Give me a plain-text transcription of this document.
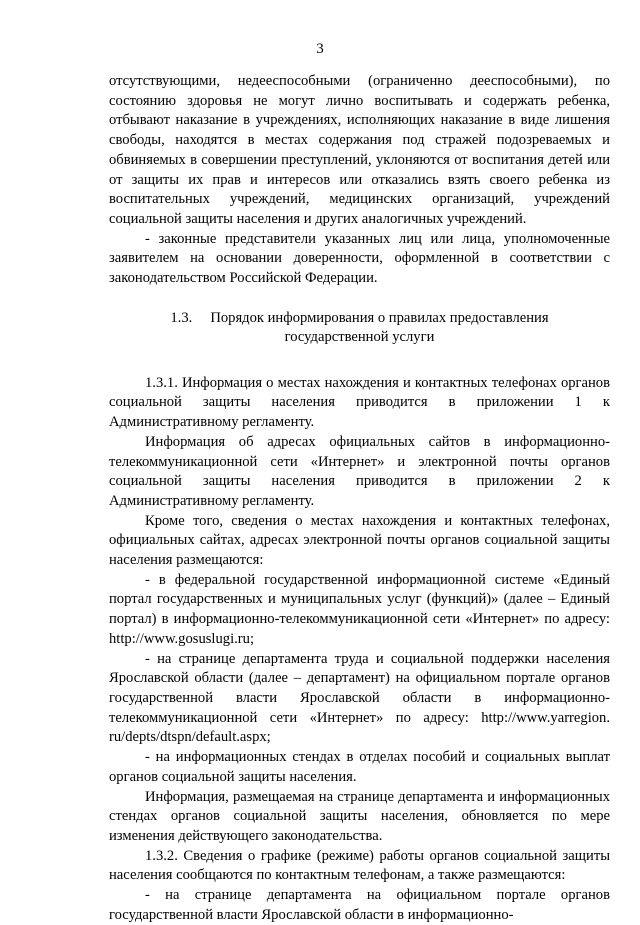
3

отсутствующими, недееспособными (ограниченно дееспособными), по состоянию здоровья не могут лично воспитывать и содержать ребенка, отбывают наказание в учреждениях, исполняющих наказание в виде лишения свободы, находятся в местах содержания под стражей подозреваемых и обвиняемых в совершении преступлений, уклоняются от воспитания детей или от защиты их прав и интересов или отказались взять своего ребенка из воспитательных учреждений, медицинских организаций, учреждений социальной защиты населения и других аналогичных учреждений.

- законные представители указанных лиц или лица, уполномоченные заявителем на основании доверенности, оформленной в соответствии с законодательством Российской Федерации.

1.3. Порядок информирования о правилах предоставления
государственной услуги

1.3.1. Информация о местах нахождения и контактных телефонах органов социальной защиты населения приводится в приложении 1 к Административному регламенту.

Информация об адресах официальных сайтов в информационно-телекоммуникационной сети «Интернет» и электронной почты органов социальной защиты населения приводится в приложении 2 к Административному регламенту.

Кроме того, сведения о местах нахождения и контактных телефонах, официальных сайтах, адресах электронной почты органов социальной защиты населения размещаются:

- в федеральной государственной информационной системе «Единый портал государственных и муниципальных услуг (функций)» (далее – Единый портал) в информационно-телекоммуникационной сети «Интернет» по адресу: http://www.gosuslugi.ru;

- на странице департамента труда и социальной поддержки населения Ярославской области (далее – департамент) на официальном портале органов государственной власти Ярославской области в информационно-телекоммуникационной сети «Интернет» по адресу: http://www.yarregion. ru/depts/dtspn/default.aspx;

- на информационных стендах в отделах пособий и социальных выплат органов социальной защиты населения.

Информация, размещаемая на странице департамента и информационных стендах органов социальной защиты населения, обновляется по мере изменения действующего законодательства.

1.3.2. Сведения о графике (режиме) работы органов социальной защиты населения сообщаются по контактным телефонам, а также размещаются:

- на странице департамента на официальном портале органов государственной власти Ярославской области в информационно-
